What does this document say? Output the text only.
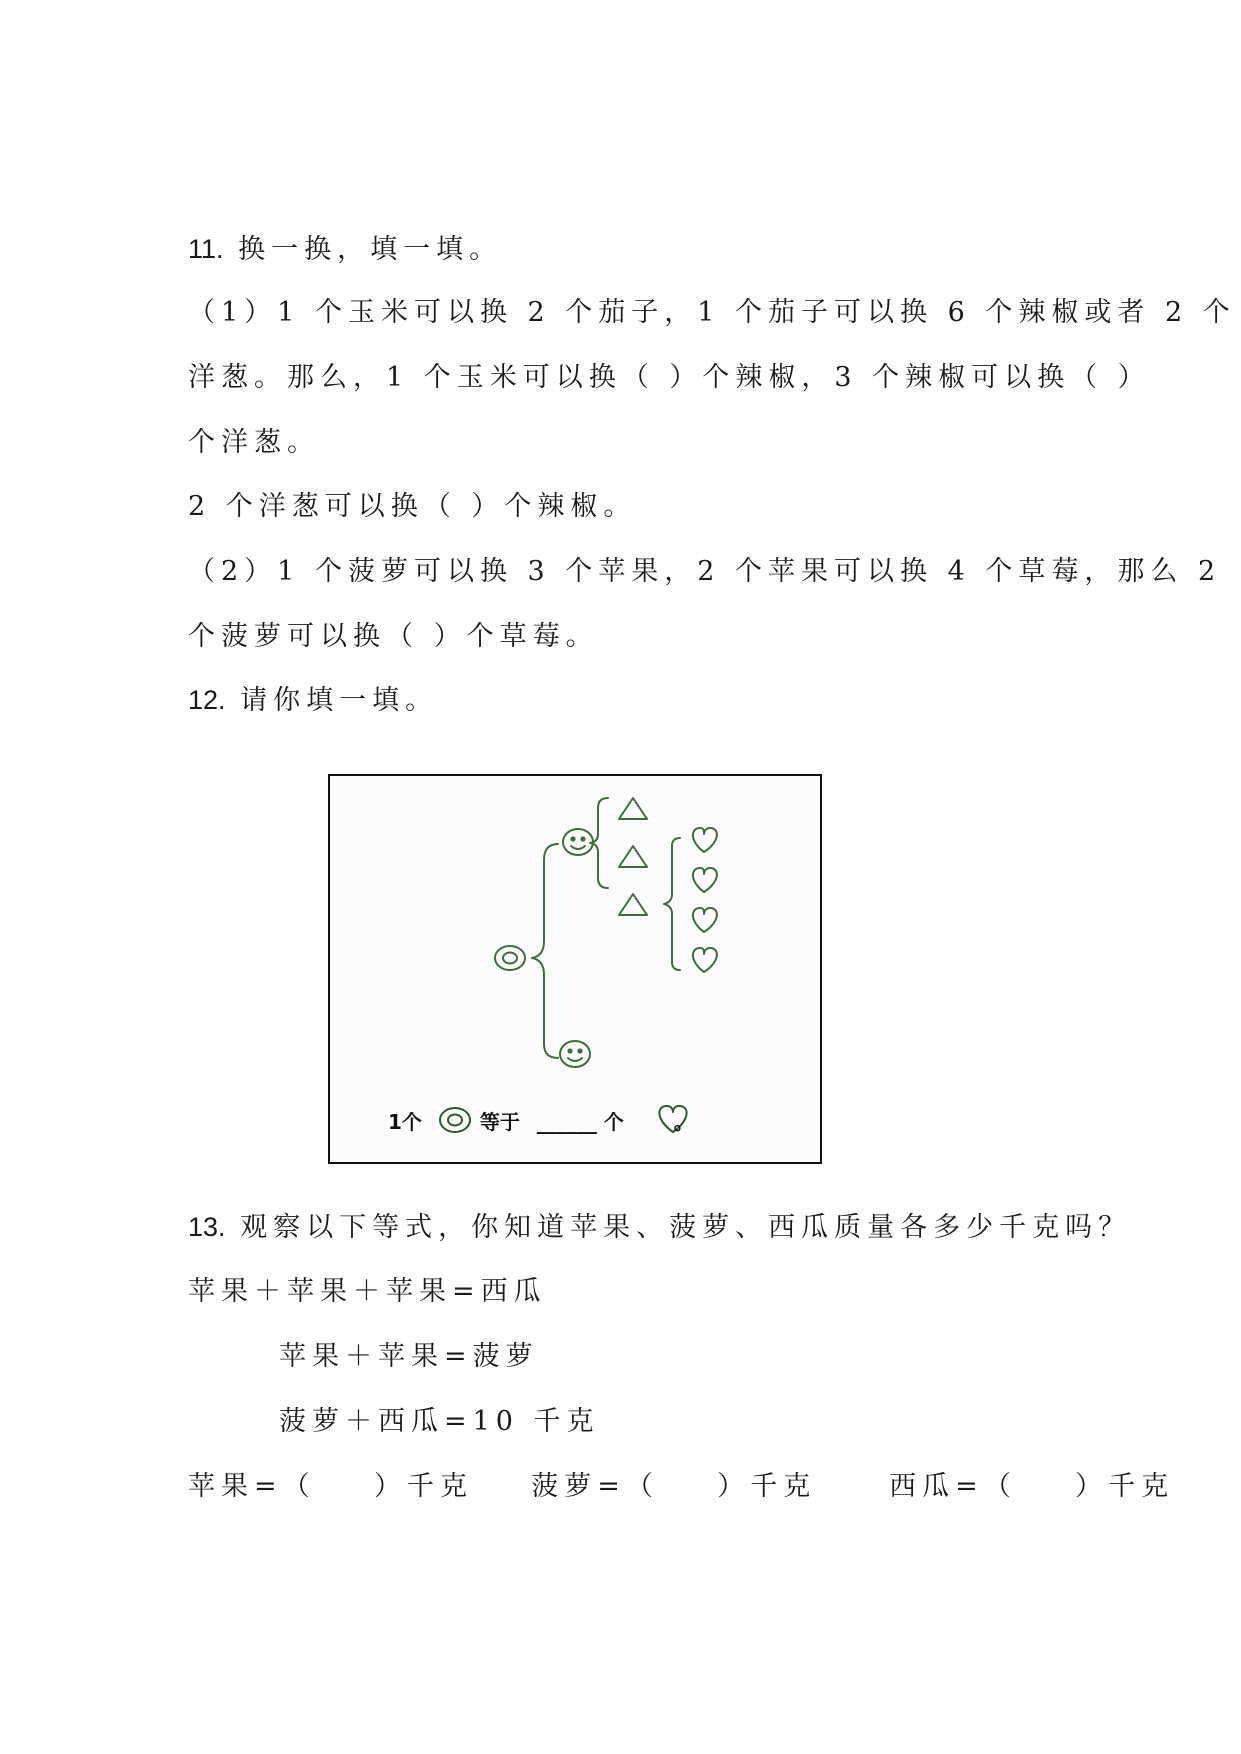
11. 换一换，填一填。
（1）1 个玉米可以换 2 个茄子，1 个茄子可以换 6 个辣椒或者 2 个
洋葱。那么，1 个玉米可以换（ ）个辣椒，3 个辣椒可以换（ ）
个洋葱。
2 个洋葱可以换（ ）个辣椒。
（2）1 个菠萝可以换 3 个苹果，2 个苹果可以换 4 个草莓，那么 2
个菠萝可以换（ ）个草莓。
12. 请你填一填。
1个	等于 ______ 个 。
13. 观察以下等式，你知道苹果、菠萝、西瓜质量各多少千克吗？
苹果＋苹果＋苹果=西瓜
苹果＋苹果=菠萝
菠萝＋西瓜=10 千克
苹果=（    ）千克    菠萝=（    ）千克     西瓜=（    ）千克
